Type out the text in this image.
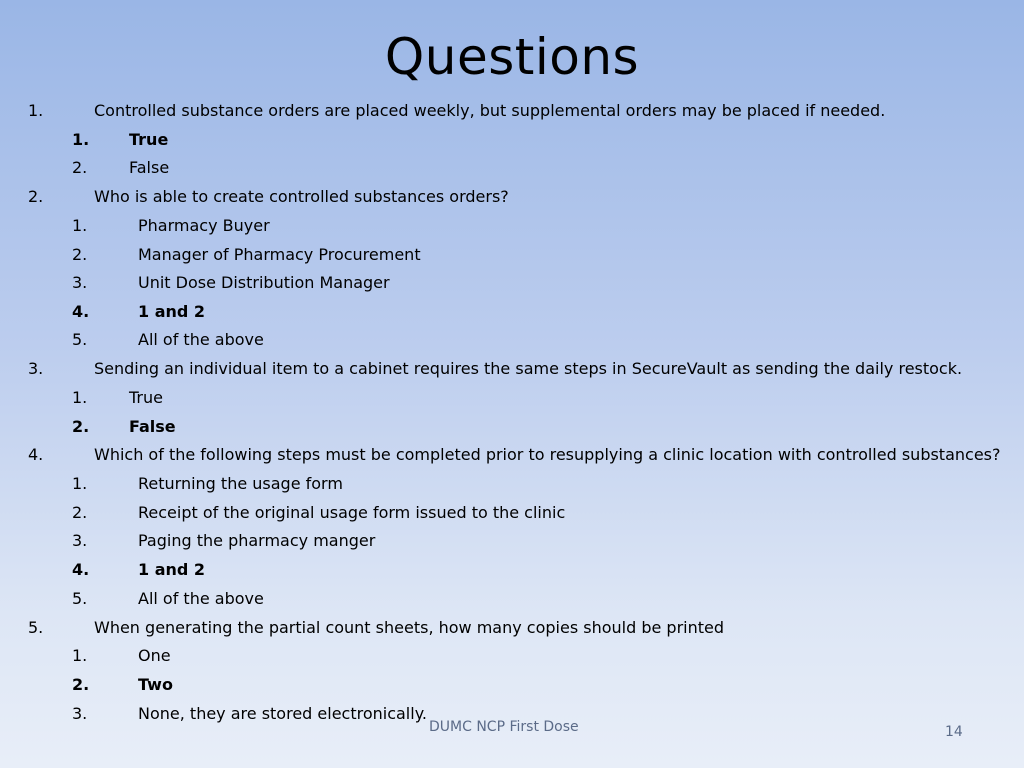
Questions
1.	Controlled substance orders are placed weekly, but supplemental orders may be placed if needed.
1. True
2.	False
2.	Who is able to create controlled substances orders?
1.	Pharmacy Buyer
2.	Manager of Pharmacy Procurement
3.	Unit Dose Distribution Manager
4.	1 and 2
5.	All of the above
3.	Sending an individual item to a cabinet requires the same steps in SecureVault as sending the daily restock.
1.	True
2. False
4.	Which of the following steps must be completed prior to resupplying a clinic location with controlled substances?
1.	Returning the usage form
2.	Receipt of the original usage form issued to the clinic
3.	Paging the pharmacy manger
4.	1 and 2
5.	All of the above
5.	When generating the partial count sheets, how many copies should be printed
1.	One
2.	Two
3.	None, they are stored electronically.
DUMC NCP First Dose	14
